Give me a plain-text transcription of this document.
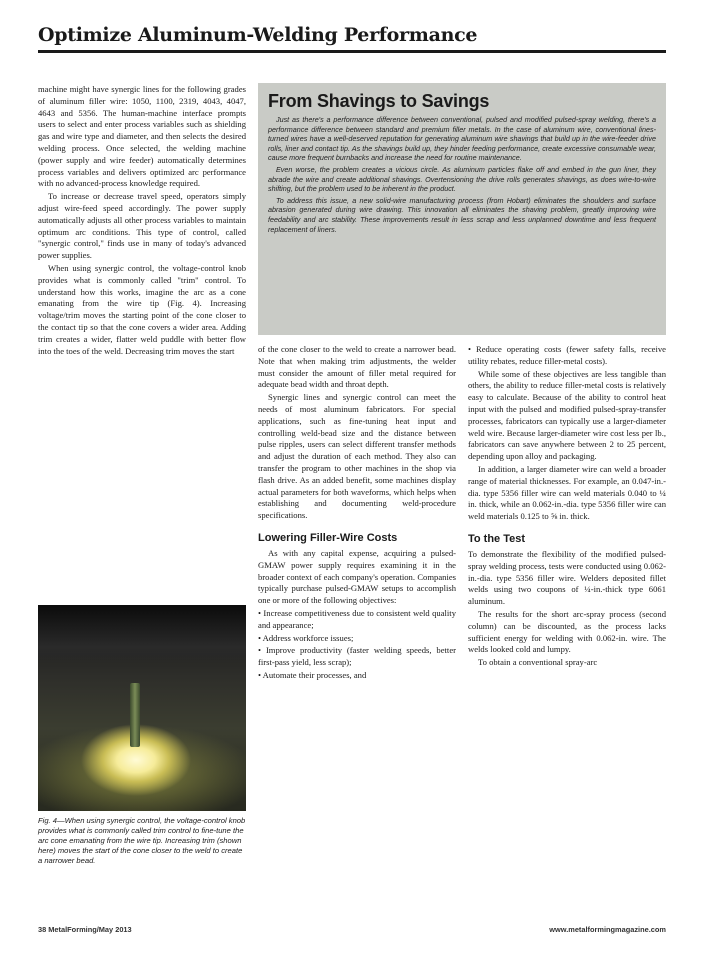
Optimize Aluminum-Welding Performance

machine might have synergic lines for the following grades of aluminum filler wire: 1050, 1100, 2319, 4043, 4047, 4643 and 5356. The human-machine interface prompts users to select and enter process variables such as shielding gas and wire type and diameter, and then selects the desired welding process. Once selected, the welding machine (power supply and wire feeder) automatically determines process variables and delivers optimized arc performance with no advanced-process knowledge required.

To increase or decrease travel speed, operators simply adjust wire-feed speed accordingly. The power supply automatically adjusts all other process variables to maintain optimum arc conditions. This type of control, called "synergic control," finds use in many of today's advanced power supplies.

When using synergic control, the voltage-control knob provides what is commonly called "trim" control. To understand how this works, imagine the arc as a cone emanating from the wire tip (Fig. 4). Increasing voltage/trim moves the starting point of the cone closer to the contact tip so that the cone covers a wider area. Adding trim creates a wider, flatter weld puddle with better flow into the toes of the weld. Decreasing trim moves the start

From Shavings to Savings

Just as there's a performance difference between conventional, pulsed and modified pulsed-spray welding, there's a performance difference between standard and premium filler metals. In the case of aluminum wire, conventional lines-turned wires have a well-deserved reputation for generating aluminum wire shavings that build up in the wire-feeder drive rolls, liner and contact tip. As the shavings build up, they hinder feeding performance, create excessive consumable wear, cause more frequent burnbacks and increase the need for routine maintenance.

Even worse, the problem creates a vicious circle. As aluminum particles flake off and embed in the gun liner, they abrade the wire and create additional shavings. Overtensioning the drive rolls generates shavings, as does wire-to-wire shifting, but the problem used to be inherent in the product.

To address this issue, a new solid-wire manufacturing process (from Hobart) eliminates the shoulders and surface abrasion generated during wire drawing. This innovation all eliminates the shaving problem, greatly improving wire feedability and arc stability. These improvements result in less scrap and less unplanned downtime and less frequent replacement of liners.

of the cone closer to the weld to create a narrower bead. Note that when making trim adjustments, the welder must consider the amount of filler metal required for adequate bead width and throat depth.

Synergic lines and synergic control can meet the needs of most aluminum fabricators. For special applications, such as fine-tuning heat input and controlling weld-bead size and the distance between pulse ripples, users can select different transfer methods and adjust the duration of each method. They also can transfer the program to other machines in the shop via flash drive. As an added benefit, some machines display actual parameters for both waveforms, which helps when establishing and documenting weld-procedure specifications.

Lowering Filler-Wire Costs

As with any capital expense, acquiring a pulsed-GMAW power supply requires examining it in the broader context of each company's operation. Companies typically purchase pulsed-GMAW setups to accomplish one or more of the following objectives:

• Increase competitiveness due to consistent weld quality and appearance;

• Address workforce issues;

• Improve productivity (faster welding speeds, better first-pass yield, less scrap);

• Automate their processes, and

• Reduce operating costs (fewer safety falls, receive utility rebates, reduce filler-metal costs).

While some of these objectives are less tangible than others, the ability to reduce filler-metal costs is relatively easy to calculate. Because of the ability to control heat input with the pulsed and modified pulsed-spray-transfer processes, fabricators can typically use a larger-diameter weld wire. Because larger-diameter wire cost less per lb., fabricators can save anywhere between 2 to 25 percent, depending upon alloy and packaging.

In addition, a larger diameter wire can weld a broader range of material thicknesses. For example, an 0.047-in.-dia. type 5356 filler wire can weld materials 0.040 to ¼ in. thick, while an 0.062-in.-dia. type 5356 filler wire can weld materials 0.125 to ⅝ in. thick.

To the Test

To demonstrate the flexibility of the modified pulsed-spray welding process, tests were conducted using 0.062-in.-dia. type 5356 filler wire. Welders deposited fillet welds using two coupons of ¼-in.-thick type 6061 aluminum.

The results for the short arc-spray process (second column) can be discounted, as the process lacks sufficient energy for welding with 0.062-in. wire. The welds looked cold and lumpy.

To obtain a conventional spray-arc

Fig. 4—When using synergic control, the voltage-control knob provides what is commonly called trim control to fine-tune the arc cone emanating from the wire tip. Increasing trim (shown here) moves the start of the cone closer to the weld to create a narrower bead.
38 MetalForming/May 2013	www.metalformingmagazine.com
